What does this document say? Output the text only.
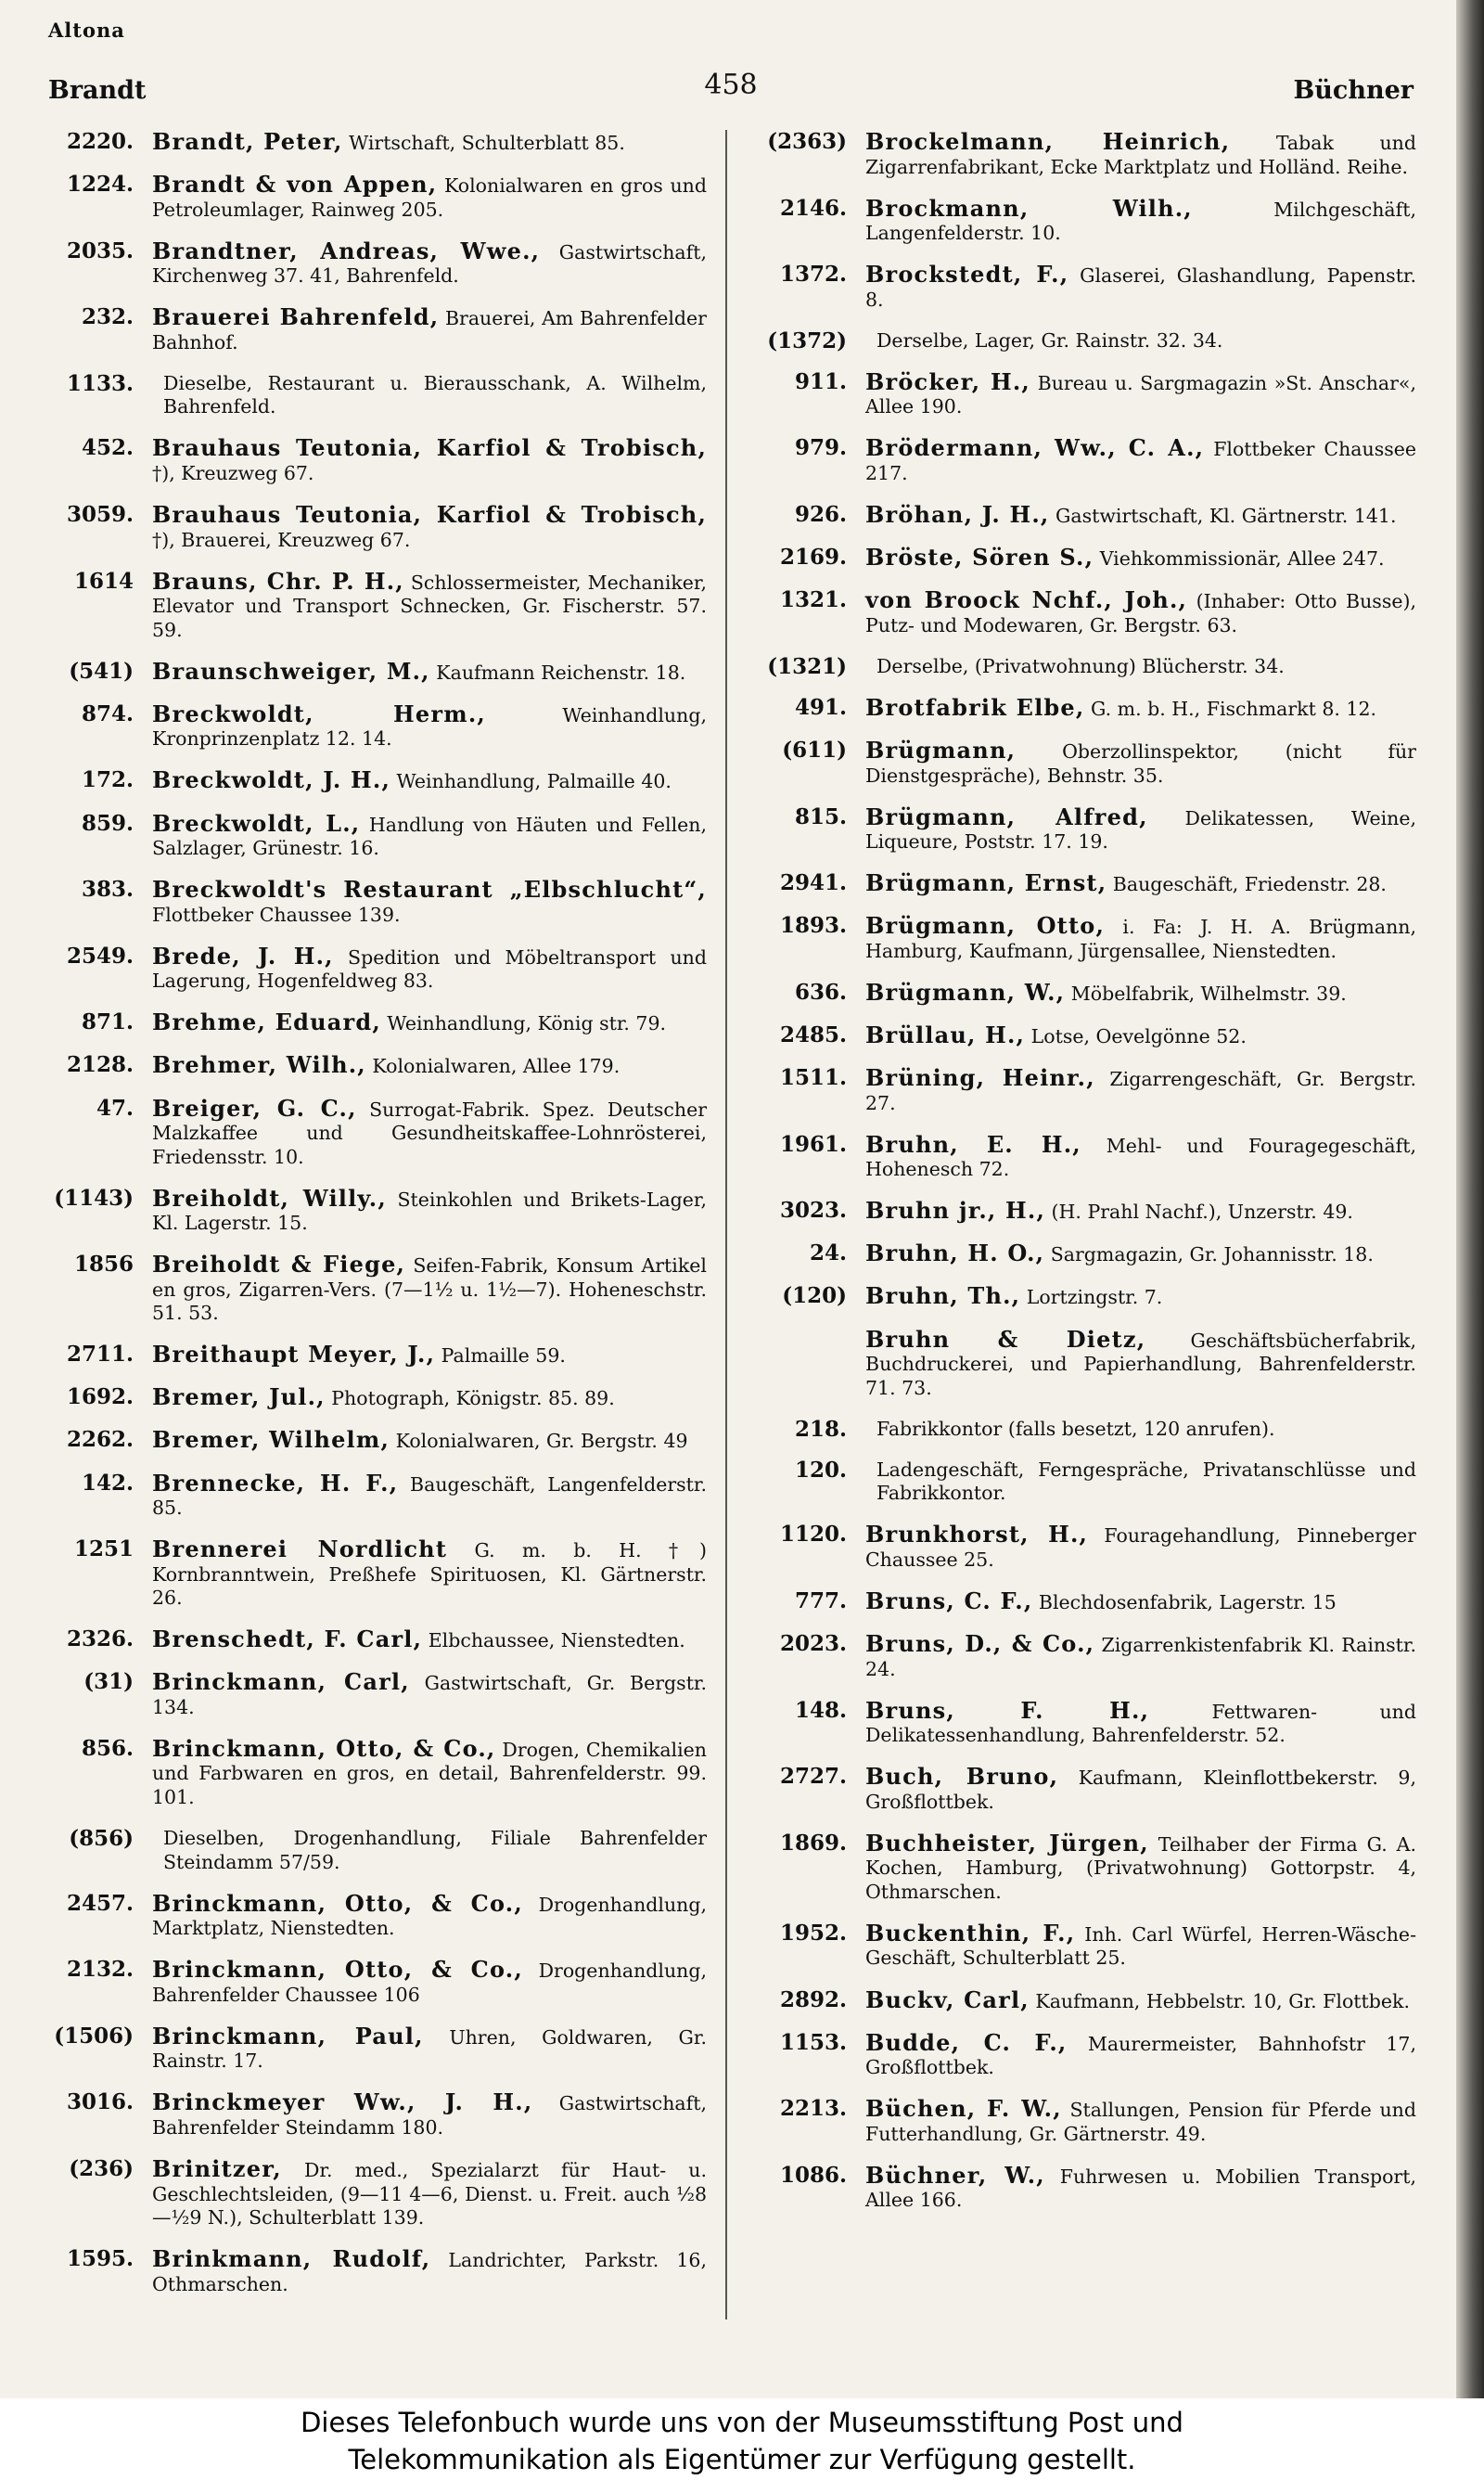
Altona
Brandt	458	Büchner
2220. Brandt, Peter, Wirtschaft, Schulterblatt 85.
1224. Brandt & von Appen, Kolonialwaren en gros und Petroleumlager, Rainweg 205.
2035. Brandtner, Andreas, Wwe., Gastwirtschaft, Kirchenweg 37. 41, Bahrenfeld.
232. Brauerei Bahrenfeld, Brauerei, Am Bahrenfelder Bahnhof.
1133.	Dieselbe, Restaurant u. Bierausschank, A. Wilhelm, Bahrenfeld.
452. Brauhaus Teutonia, Karfiol & Trobisch, †), Kreuzweg 67.
3059. Brauhaus Teutonia, Karfiol & Trobisch, †), Brauerei, Kreuzweg 67.
1614 Brauns, Chr. P. H., Schlossermeister, Mechaniker, Elevator und Transport Schnecken, Gr. Fischerstr. 57. 59.
(541) Braunschweiger, M., Kaufmann Reichenstr. 18.
874. Breckwoldt, Herm.,	Weinhandlung, Kronprinzenplatz 12. 14.
172. Breckwoldt, J. H., Weinhandlung, Palmaille 40.
859. Breckwoldt, L., Handlung von Häuten und Fellen, Salzlager, Grünestr. 16.
383. Breckwoldt's Restaurant „Elbschlucht“, Flottbeker Chaussee 139.
2549. Brede, J. H., Spedition und Möbeltransport und Lagerung, Hogenfeldweg 83.
871. Brehme, Eduard, Weinhandlung, König str. 79.
2128. Brehmer, Wilh., Kolonialwaren, Allee 179.
47. Breiger, G. C., Surrogat-Fabrik. Spez. Deutscher Malzkaffee und Gesundheitskaffee-Lohnrösterei, Friedensstr. 10.
(1143) Breiholdt, Willy., Steinkohlen und Brikets-Lager, Kl. Lagerstr. 15.
1856 Breiholdt & Fiege, Seifen-Fabrik, Konsum Artikel en gros, Zigarren-Vers. (7—1½ u. 1½—7). Hoheneschstr. 51. 53.
2711. Breithaupt Meyer, J., Palmaille 59.
1692. Bremer, Jul., Photograph, Königstr. 85. 89.
2262. Bremer, Wilhelm, Kolonialwaren, Gr. Bergstr. 49
142. Brennecke, H. F., Baugeschäft, Langenfelderstr. 85.
1251 Brennerei Nordlicht G. m. b. H. †) Kornbranntwein, Preßhefe Spirituosen, Kl. Gärtnerstr. 26.
2326. Brenschedt, F. Carl, Elbchaussee, Nienstedten.
(31) Brinckmann, Carl, Gastwirtschaft, Gr. Bergstr. 134.
856. Brinckmann, Otto, & Co., Drogen, Chemikalien und Farbwaren en gros, en detail, Bahrenfelderstr. 99. 101.
(856)	Dieselben, Drogenhandlung, Filiale Bahrenfelder Steindamm 57/59.
2457. Brinckmann, Otto, & Co., Drogenhandlung, Marktplatz, Nienstedten.
2132. Brinckmann, Otto, & Co., Drogenhandlung, Bahrenfelder Chaussee 106
(1506) Brinckmann, Paul, Uhren, Goldwaren, Gr. Rainstr. 17.
3016. Brinckmeyer Ww., J. H., Gastwirtschaft, Bahrenfelder Steindamm 180.
(236) Brinitzer, Dr. med., Spezialarzt für Haut- u. Geschlechtsleiden, (9—11 4—6, Dienst. u. Freit. auch ½8—½9 N.), Schulterblatt 139.
1595. Brinkmann, Rudolf, Landrichter, Parkstr. 16, Othmarschen.
(2363) Brockelmann, Heinrich, Tabak und Zigarrenfabrikant, Ecke Marktplatz und Holländ. Reihe.
2146. Brockmann, Wilh.,	Milchgeschäft, Langenfelderstr. 10.
1372. Brockstedt, F., Glaserei, Glashandlung, Papenstr. 8.
(1372)	Derselbe, Lager, Gr. Rainstr. 32. 34.
911. Bröcker, H., Bureau u. Sargmagazin »St. Anschar«, Allee 190.
979. Brödermann, Ww., C. A., Flottbeker Chaussee 217.
926. Bröhan, J. H., Gastwirtschaft, Kl. Gärtnerstr. 141.
2169. Bröste, Sören S., Viehkommissionär, Allee 247.
1321. von Broock Nchf., Joh., (Inhaber: Otto Busse), Putz- und Modewaren, Gr. Bergstr. 63.
(1321)	Derselbe, (Privatwohnung) Blücherstr. 34.
491. Brotfabrik Elbe, G. m. b. H., Fischmarkt 8. 12.
(611) Brügmann, Oberzollinspektor, (nicht für Dienstgespräche), Behnstr. 35.
815. Brügmann, Alfred, Delikatessen, Weine, Liqueure, Poststr. 17. 19.
2941. Brügmann, Ernst, Baugeschäft, Friedenstr. 28.
1893. Brügmann, Otto, i. Fa: J. H. A. Brügmann, Hamburg, Kaufmann, Jürgensallee, Nienstedten.
636. Brügmann, W., Möbelfabrik, Wilhelmstr. 39.
2485. Brüllau, H., Lotse, Oevelgönne 52.
1511. Brüning, Heinr., Zigarrengeschäft, Gr. Bergstr. 27.
1961. Bruhn, E. H., Mehl- und Fouragegeschäft, Hohenesch 72.
3023. Bruhn jr., H., (H. Prahl Nachf.), Unzerstr. 49.
24. Bruhn, H. O., Sargmagazin, Gr. Johannisstr. 18.
(120) Bruhn, Th., Lortzingstr. 7.
Bruhn & Dietz, Geschäftsbücherfabrik, Buchdruckerei, und Papierhandlung, Bahrenfelderstr. 71. 73.
218.	Fabrikkontor (falls besetzt, 120 anrufen).
120.	Ladengeschäft, Ferngespräche, Privatanschlüsse und Fabrikkontor.
1120. Brunkhorst, H., Fouragehandlung, Pinneberger Chaussee 25.
777. Bruns, C. F., Blechdosenfabrik, Lagerstr. 15
2023. Bruns, D., & Co., Zigarrenkistenfabrik Kl. Rainstr. 24.
148. Bruns, F. H.,	Fettwaren- und Delikatessenhandlung, Bahrenfelderstr. 52.
2727. Buch, Bruno, Kaufmann, Kleinflottbekerstr. 9, Großflottbek.
1869. Buchheister, Jürgen, Teilhaber der Firma G. A. Kochen, Hamburg, (Privatwohnung) Gottorpstr. 4, Othmarschen.
1952. Buckenthin, F., Inh. Carl Würfel, Herren-Wäsche-Geschäft, Schulterblatt 25.
2892. Buckv, Carl, Kaufmann, Hebbelstr. 10, Gr. Flottbek.
1153. Budde, C. F., Maurermeister, Bahnhofstr 17, Großflottbek.
2213. Büchen, F. W., Stallungen, Pension für Pferde und Futterhandlung, Gr. Gärtnerstr. 49.
1086. Büchner, W., Fuhrwesen u. Mobilien Transport, Allee 166.
Dieses Telefonbuch wurde uns von der Museumsstiftung Post und
Telekommunikation als Eigentümer zur Verfügung gestellt.
